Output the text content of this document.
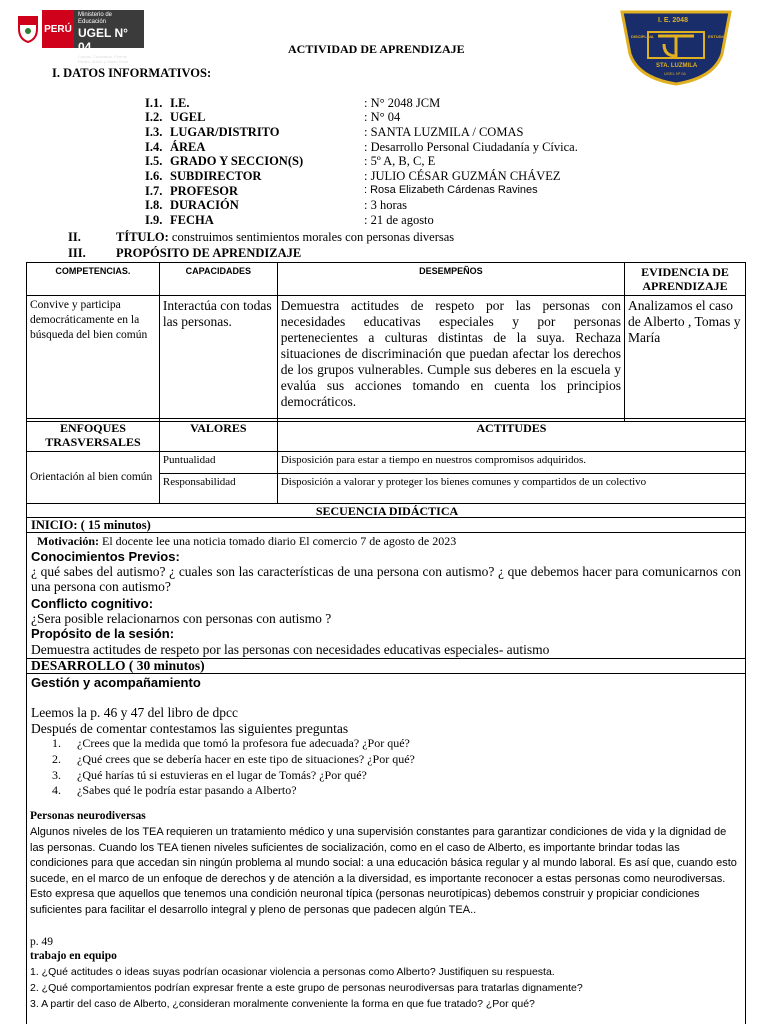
PERÚ
Ministerio de Educación
UGEL N° 04
Comas, Carabayllo, Puente Piedra, Ancón y Santa Rosa
I. E. 2048
DISCIPLINA	ESTUDIO
STA. LUZMILA
UGEL Nº 04
ACTIVIDAD DE APRENDIZAJE
I. DATOS INFORMATIVOS:
I.1. I.E.	: N° 2048 JCM
I.2. UGEL	: N° 04
I.3. LUGAR/DISTRITO	: SANTA LUZMILA / COMAS
I.4. ÁREA	: Desarrollo Personal Ciudadanía y Cívica.
I.5. GRADO Y SECCION(S)	: 5º A, B, C, E
I.6. SUBDIRECTOR	: JULIO CÉSAR GUZMÁN CHÁVEZ
I.7. PROFESOR	: Rosa Elizabeth Cárdenas Ravines
I.8. DURACIÓN	: 3 horas
I.9. FECHA	: 21 de agosto
II.	TÍTULO: construimos sentimientos morales con personas diversas
III. PROPÓSITO DE APRENDIZAJE
COMPETENCIAS.	CAPACIDADES	DESEMPEÑOS	EVIDENCIA DE APRENDIZAJE
Convive y participa democráticamente en la búsqueda del bien común	Interactúa con todas las personas.	Demuestra actitudes de respeto por las personas con necesidades educativas especiales y por personas pertenecientes a culturas distintas de la suya. Rechaza situaciones de discriminación que puedan afectar los derechos de los grupos vulnerables. Cumple sus deberes en la escuela y evalúa sus acciones tomando en cuenta los principios democráticos.	Analizamos el caso de Alberto , Tomas y María
ENFOQUES TRASVERSALES	VALORES	ACTITUDES
Orientación al bien común	Puntualidad	Disposición para estar a tiempo en nuestros compromisos adquiridos.
	Responsabilidad	Disposición a valorar y proteger los bienes comunes y compartidos de un colectivo
SECUENCIA DIDÁCTICA
INICIO: ( 15 minutos)
Motivación: El docente lee una noticia tomado diario El comercio 7 de agosto de 2023
Conocimientos Previos:
¿ qué sabes del autismo? ¿ cuales son las características de una persona con autismo? ¿ que debemos hacer para comunicarnos con una persona con autismo?
Conflicto cognitivo:
¿Sera posible relacionarnos con personas con autismo ?
Propósito de la sesión:
Demuestra actitudes de respeto por las personas con necesidades educativas especiales- autismo
DESARROLLO ( 30 minutos)
Gestión y acompañamiento
Leemos la p. 46 y 47 del libro de dpcc
Después de comentar contestamos las siguientes preguntas
1. ¿Crees que la medida que tomó la profesora fue adecuada? ¿Por qué?
2. ¿Qué crees que se debería hacer en este tipo de situaciones? ¿Por qué?
3. ¿Qué harías tú si estuvieras en el lugar de Tomás? ¿Por qué?
4. ¿Sabes qué le podría estar pasando a Alberto?
Personas neurodiversas
Algunos niveles de los TEA requieren un tratamiento médico y una supervisión constantes para garantizar condiciones de vida y la dignidad de las personas. Cuando los TEA tienen niveles suficientes de socialización, como en el caso de Alberto, es importante brindar todas las condiciones para que accedan sin ningún problema al mundo social: a una educación básica regular y al mundo laboral. Es así que, cuando esto sucede, en el marco de un enfoque de derechos y de atención a la diversidad, es importante reconocer a estas personas como neurodiversas. Esto expresa que aquellos que tenemos una condición neuronal típica (personas neurotípicas) debemos construir y propiciar condiciones suficientes para facilitar el desarrollo integral y pleno de personas que padecen algún TEA..
p. 49
trabajo en equipo
1. ¿Qué actitudes o ideas suyas podrían ocasionar violencia a personas como Alberto? Justifiquen su respuesta.
2. ¿Qué comportamientos podrían expresar frente a este grupo de personas neurodiversas para tratarlas dignamente?
3. A partir del caso de Alberto, ¿consideran moralmente conveniente la forma en que fue tratado? ¿Por qué?
